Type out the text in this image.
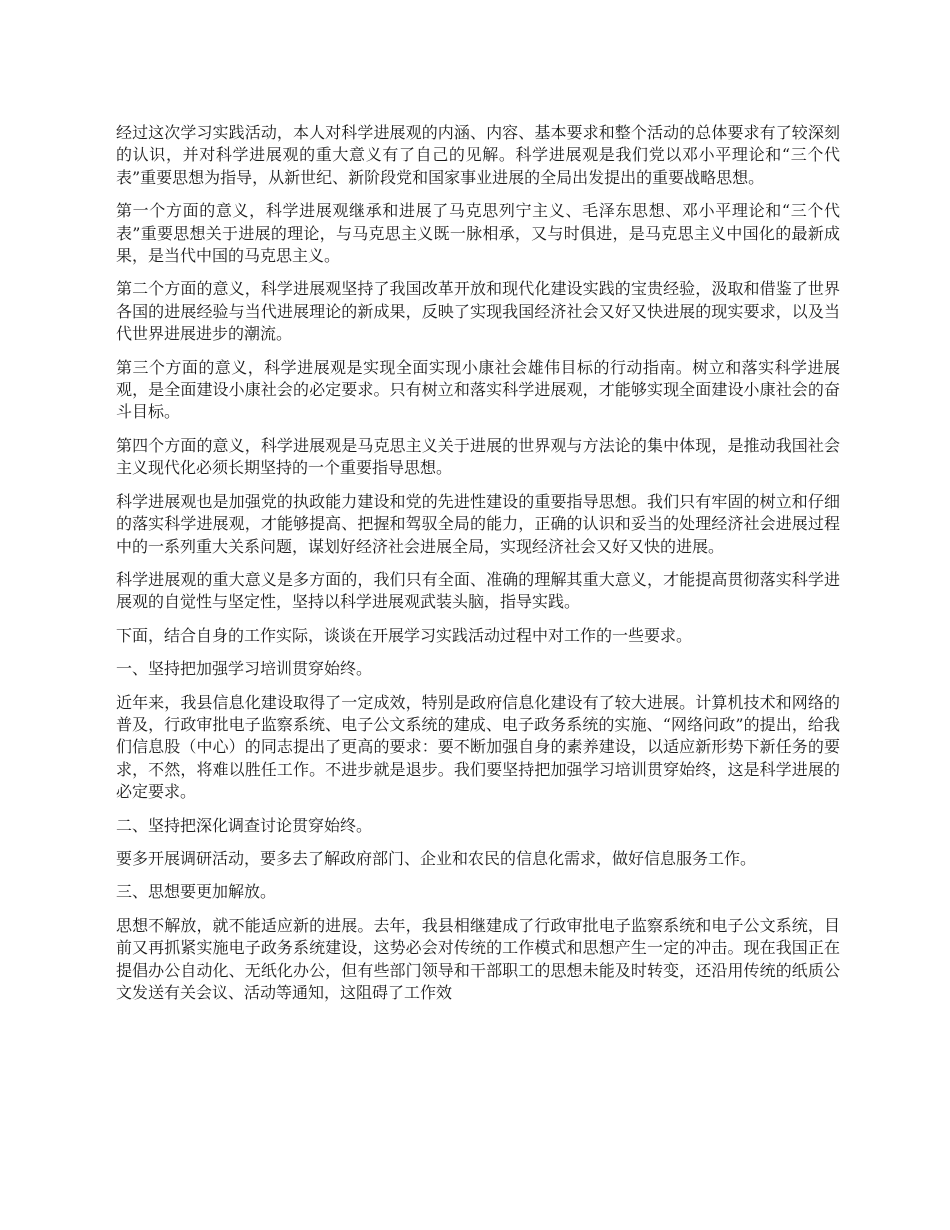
经过这次学习实践活动，本人对科学进展观的内涵、内容、基本要求和整个活动的总体要求有了较深刻的认识，并对科学进展观的重大意义有了自己的见解。科学进展观是我们党以邓小平理论和“三个代表”重要思想为指导，从新世纪、新阶段党和国家事业进展的全局出发提出的重要战略思想。

第一个方面的意义，科学进展观继承和进展了马克思列宁主义、毛泽东思想、邓小平理论和“三个代表”重要思想关于进展的理论，与马克思主义既一脉相承，又与时俱进，是马克思主义中国化的最新成果，是当代中国的马克思主义。

第二个方面的意义，科学进展观坚持了我国改革开放和现代化建设实践的宝贵经验，汲取和借鉴了世界各国的进展经验与当代进展理论的新成果，反映了实现我国经济社会又好又快进展的现实要求，以及当代世界进展进步的潮流。

第三个方面的意义，科学进展观是实现全面实现小康社会雄伟目标的行动指南。树立和落实科学进展观，是全面建设小康社会的必定要求。只有树立和落实科学进展观，才能够实现全面建设小康社会的奋斗目标。

第四个方面的意义，科学进展观是马克思主义关于进展的世界观与方法论的集中体现，是推动我国社会主义现代化必须长期坚持的一个重要指导思想。

科学进展观也是加强党的执政能力建设和党的先进性建设的重要指导思想。我们只有牢固的树立和仔细的落实科学进展观，才能够提高、把握和驾驭全局的能力，正确的认识和妥当的处理经济社会进展过程中的一系列重大关系问题，谋划好经济社会进展全局，实现经济社会又好又快的进展。

科学进展观的重大意义是多方面的，我们只有全面、准确的理解其重大意义，才能提高贯彻落实科学进展观的自觉性与坚定性，坚持以科学进展观武装头脑，指导实践。

下面，结合自身的工作实际，谈谈在开展学习实践活动过程中对工作的一些要求。

一、坚持把加强学习培训贯穿始终。

近年来，我县信息化建设取得了一定成效，特别是政府信息化建设有了较大进展。计算机技术和网络的普及，行政审批电子监察系统、电子公文系统的建成、电子政务系统的实施、“网络问政”的提出，给我们信息股（中心）的同志提出了更高的要求：要不断加强自身的素养建设，以适应新形势下新任务的要求，不然，将难以胜任工作。不进步就是退步。我们要坚持把加强学习培训贯穿始终，这是科学进展的必定要求。

二、坚持把深化调查讨论贯穿始终。

要多开展调研活动，要多去了解政府部门、企业和农民的信息化需求，做好信息服务工作。

三、思想要更加解放。

思想不解放，就不能适应新的进展。去年，我县相继建成了行政审批电子监察系统和电子公文系统，目前又再抓紧实施电子政务系统建设，这势必会对传统的工作模式和思想产生一定的冲击。现在我国正在提倡办公自动化、无纸化办公，但有些部门领导和干部职工的思想未能及时转变，还沿用传统的纸质公文发送有关会议、活动等通知，这阻碍了工作效
